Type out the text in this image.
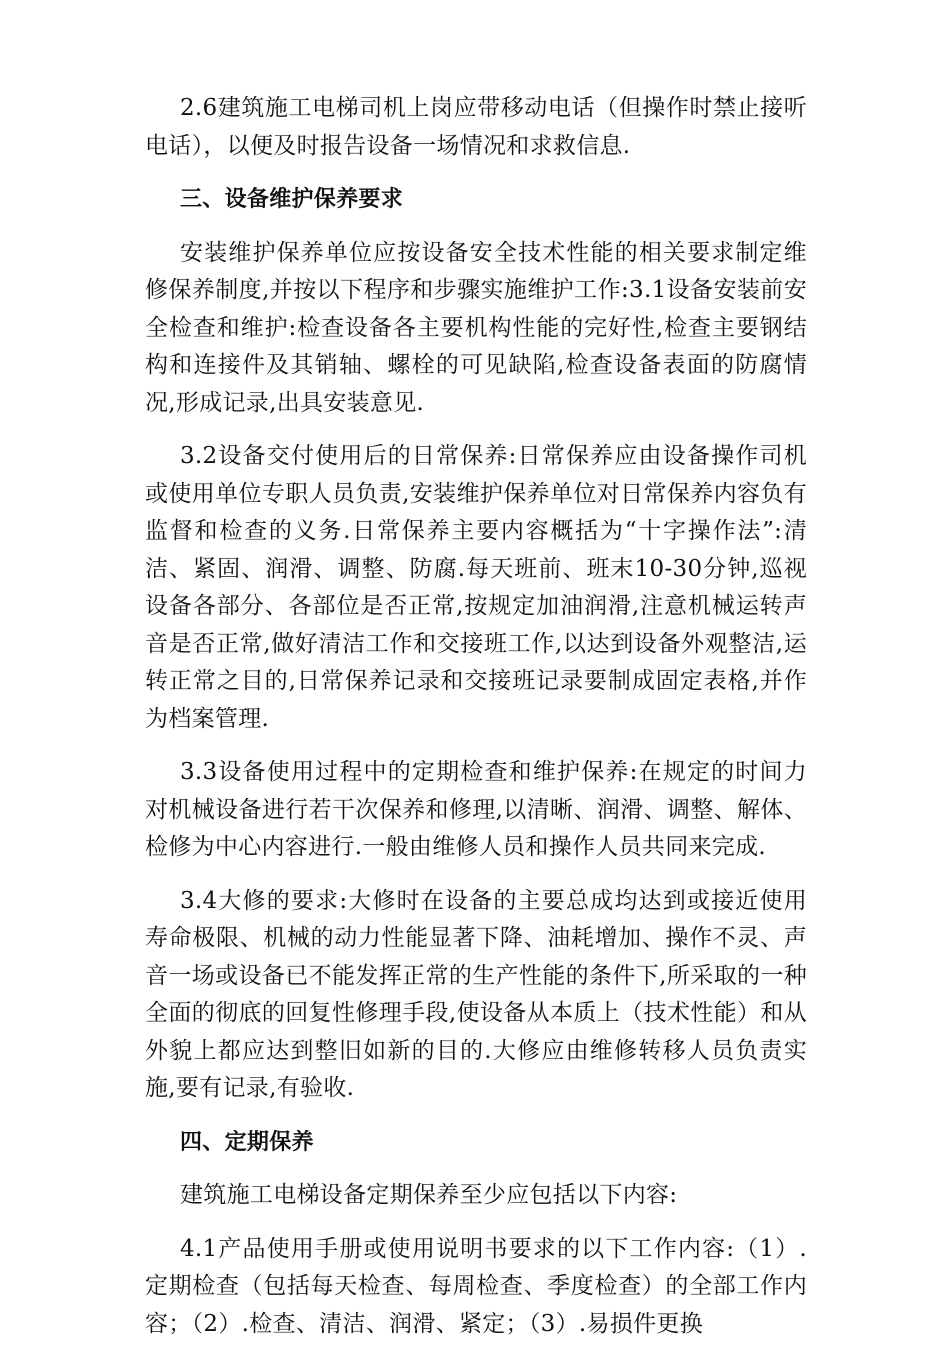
2.6建筑施工电梯司机上岗应带移动电话（但操作时禁止接听电话），以便及时报告设备一场情况和求救信息.

三、设备维护保养要求

安装维护保养单位应按设备安全技术性能的相关要求制定维修保养制度,并按以下程序和步骤实施维护工作:3.1设备安装前安全检查和维护:检查设备各主要机构性能的完好性,检查主要钢结构和连接件及其销轴、螺栓的可见缺陷,检查设备表面的防腐情况,形成记录,出具安装意见.

3.2设备交付使用后的日常保养:日常保养应由设备操作司机或使用单位专职人员负责,安装维护保养单位对日常保养内容负有监督和检查的义务.日常保养主要内容概括为“十字操作法”:清洁、紧固、润滑、调整、防腐.每天班前、班末10-30分钟,巡视设备各部分、各部位是否正常,按规定加油润滑,注意机械运转声音是否正常,做好清洁工作和交接班工作,以达到设备外观整洁,运转正常之目的,日常保养记录和交接班记录要制成固定表格,并作为档案管理.

3.3设备使用过程中的定期检查和维护保养:在规定的时间力对机械设备进行若干次保养和修理,以清晰、润滑、调整、解体、检修为中心内容进行.一般由维修人员和操作人员共同来完成.

3.4大修的要求:大修时在设备的主要总成均达到或接近使用寿命极限、机械的动力性能显著下降、油耗增加、操作不灵、声音一场或设备已不能发挥正常的生产性能的条件下,所采取的一种全面的彻底的回复性修理手段,使设备从本质上（技术性能）和从外貌上都应达到整旧如新的目的.大修应由维修转移人员负责实施,要有记录,有验收.

四、定期保养

建筑施工电梯设备定期保养至少应包括以下内容:

4.1产品使用手册或使用说明书要求的以下工作内容:（1）.定期检查（包括每天检查、每周检查、季度检查）的全部工作内容；（2）.检查、清洁、润滑、紧定；（3）.易损件更换
